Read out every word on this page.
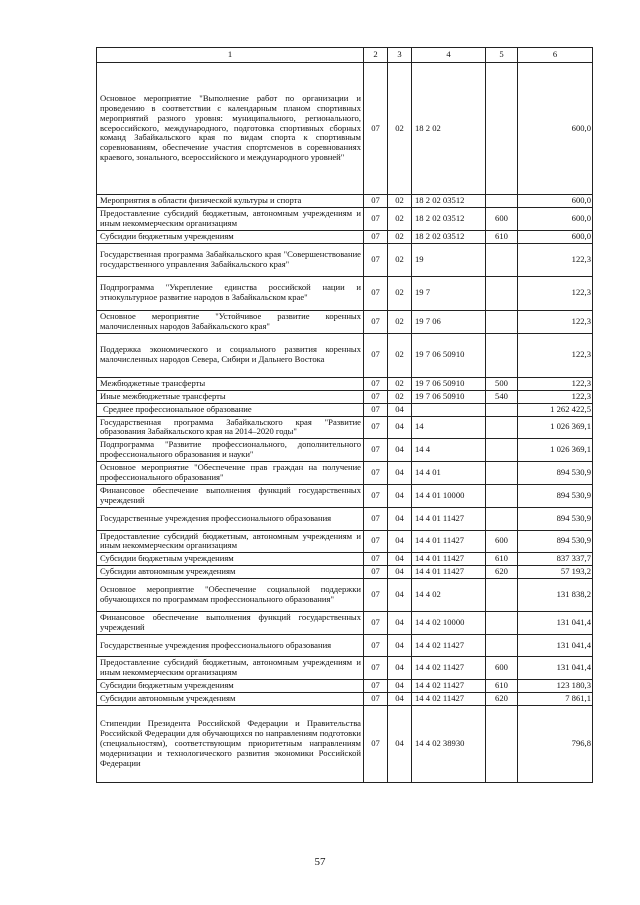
1	2	3	4	5	6
Основное мероприятие "Выполнение работ по организации и проведению в соответствии с календарным планом спортивных мероприятий разного уровня: муниципального, регионального, всероссийского, международного, подготовка спортивных сборных команд Забайкальского края по видам спорта к спортивным соревнованиям, обеспечение участия спортсменов в соревнованиях краевого, зонального, всероссийского и международного уровней"	07	02	18 2 02		600,0
Мероприятия в области физической культуры и спорта	07	02	18 2 02 03512		600,0
Предоставление субсидий бюджетным, автономным учреждениям и иным некоммерческим организациям	07	02	18 2 02 03512	600	600,0
Субсидии бюджетным учреждениям	07	02	18 2 02 03512	610	600,0
Государственная программа Забайкальского края "Совершенствование государственного управления Забайкальского края"	07	02	19		122,3
Подпрограмма "Укрепление единства российской нации и этнокультурное развитие народов в Забайкальском крае"	07	02	19 7		122,3
Основное мероприятие "Устойчивое развитие коренных малочисленных народов Забайкальского края"	07	02	19 7 06		122,3
Поддержка экономического и социального развития коренных малочисленных народов Севера, Сибири и Дальнего Востока	07	02	19 7 06 50910		122,3
Межбюджетные трансферты	07	02	19 7 06 50910	500	122,3
Иные межбюджетные трансферты	07	02	19 7 06 50910	540	122,3
Среднее профессиональное образование	07	04			1 262 422,5
Государственная программа Забайкальского края "Развитие образования Забайкальского края на 2014–2020 годы"	07	04	14		1 026 369,1
Подпрограмма "Развитие профессионального, дополнительного профессионального образования и науки"	07	04	14 4		1 026 369,1
Основное мероприятие "Обеспечение прав граждан на получение профессионального образования"	07	04	14 4 01		894 530,9
Финансовое обеспечение выполнения функций государственных учреждений	07	04	14 4 01 10000		894 530,9
Государственные учреждения профессионального образования	07	04	14 4 01 11427		894 530,9
Предоставление субсидий бюджетным, автономным учреждениям и иным некоммерческим организациям	07	04	14 4 01 11427	600	894 530,9
Субсидии бюджетным учреждениям	07	04	14 4 01 11427	610	837 337,7
Субсидии автономным учреждениям	07	04	14 4 01 11427	620	57 193,2
Основное мероприятие "Обеспечение социальной поддержки обучающихся по программам профессионального образования"	07	04	14 4 02		131 838,2
Финансовое обеспечение выполнения функций государственных учреждений	07	04	14 4 02 10000		131 041,4
Государственные учреждения профессионального образования	07	04	14 4 02 11427		131 041,4
Предоставление субсидий бюджетным, автономным учреждениям и иным некоммерческим организациям	07	04	14 4 02 11427	600	131 041,4
Субсидии бюджетным учреждениям	07	04	14 4 02 11427	610	123 180,3
Субсидии автономным учреждениям	07	04	14 4 02 11427	620	7 861,1
Стипендии Президента Российской Федерации и Правительства Российской Федерации для обучающихся по направлениям подготовки (специальностям), соответствующим приоритетным направлениям модернизации и технологического развития экономики Российской Федерации	07	04	14 4 02 38930		796,8
57
